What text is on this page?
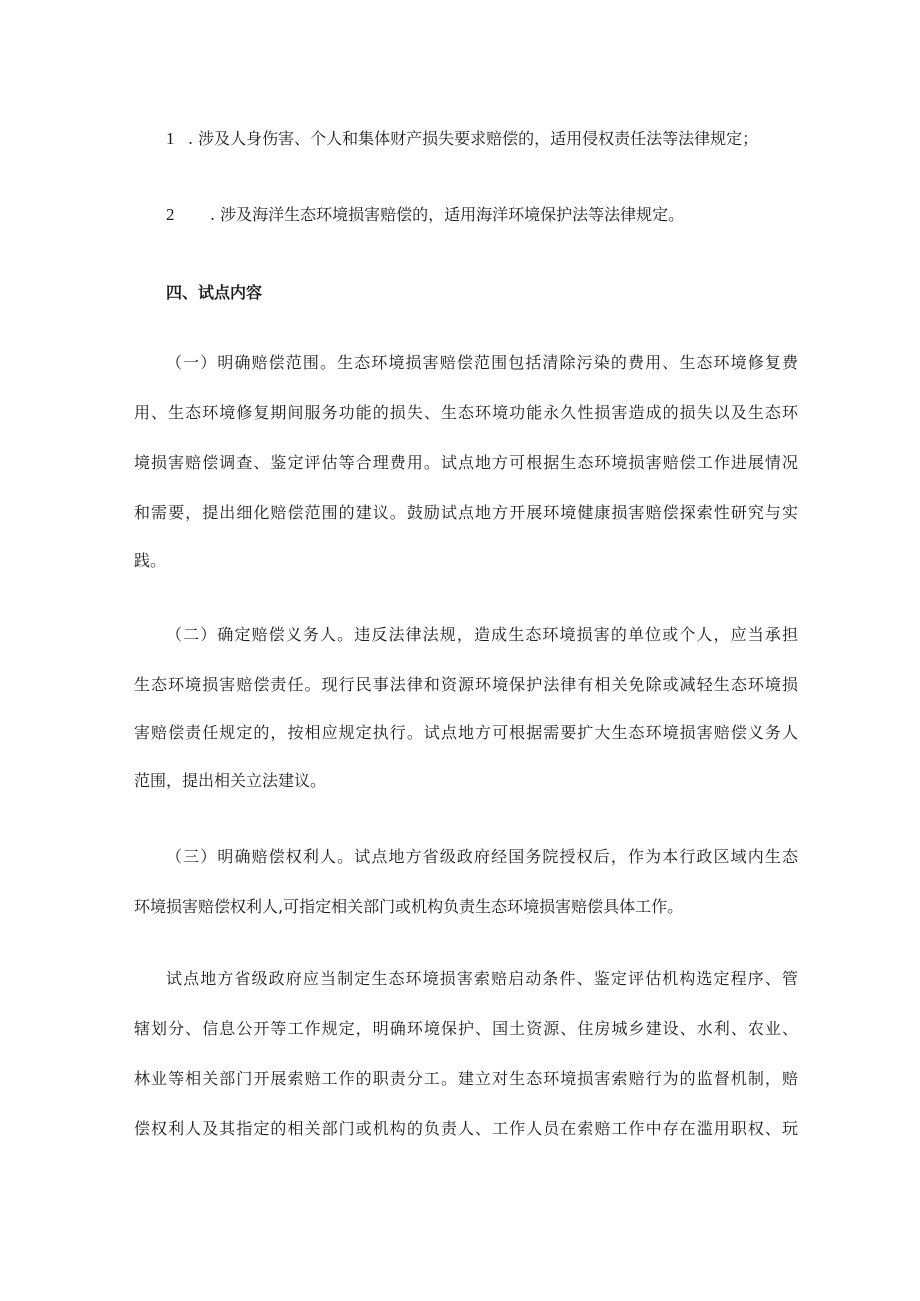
1 . 涉及人身伤害、个人和集体财产损失要求赔偿的，适用侵权责任法等法律规定；
2 . 涉及海洋生态环境损害赔偿的，适用海洋环境保护法等法律规定。
四、试点内容
（一）明确赔偿范围。生态环境损害赔偿范围包括清除污染的费用、生态环境修复费
用、生态环境修复期间服务功能的损失、生态环境功能永久性损害造成的损失以及生态环
境损害赔偿调查、鉴定评估等合理费用。试点地方可根据生态环境损害赔偿工作进展情况
和需要，提出细化赔偿范围的建议。鼓励试点地方开展环境健康损害赔偿探索性研究与实
践。
（二）确定赔偿义务人。违反法律法规，造成生态环境损害的单位或个人，应当承担
生态环境损害赔偿责任。现行民事法律和资源环境保护法律有相关免除或减轻生态环境损
害赔偿责任规定的，按相应规定执行。试点地方可根据需要扩大生态环境损害赔偿义务人
范围，提出相关立法建议。
（三）明确赔偿权利人。试点地方省级政府经国务院授权后，作为本行政区域内生态
环境损害赔偿权利人,可指定相关部门或机构负责生态环境损害赔偿具体工作。
试点地方省级政府应当制定生态环境损害索赔启动条件、鉴定评估机构选定程序、管
辖划分、信息公开等工作规定，明确环境保护、国土资源、住房城乡建设、水利、农业、
林业等相关部门开展索赔工作的职责分工。建立对生态环境损害索赔行为的监督机制，赔
偿权利人及其指定的相关部门或机构的负责人、工作人员在索赔工作中存在滥用职权、玩
